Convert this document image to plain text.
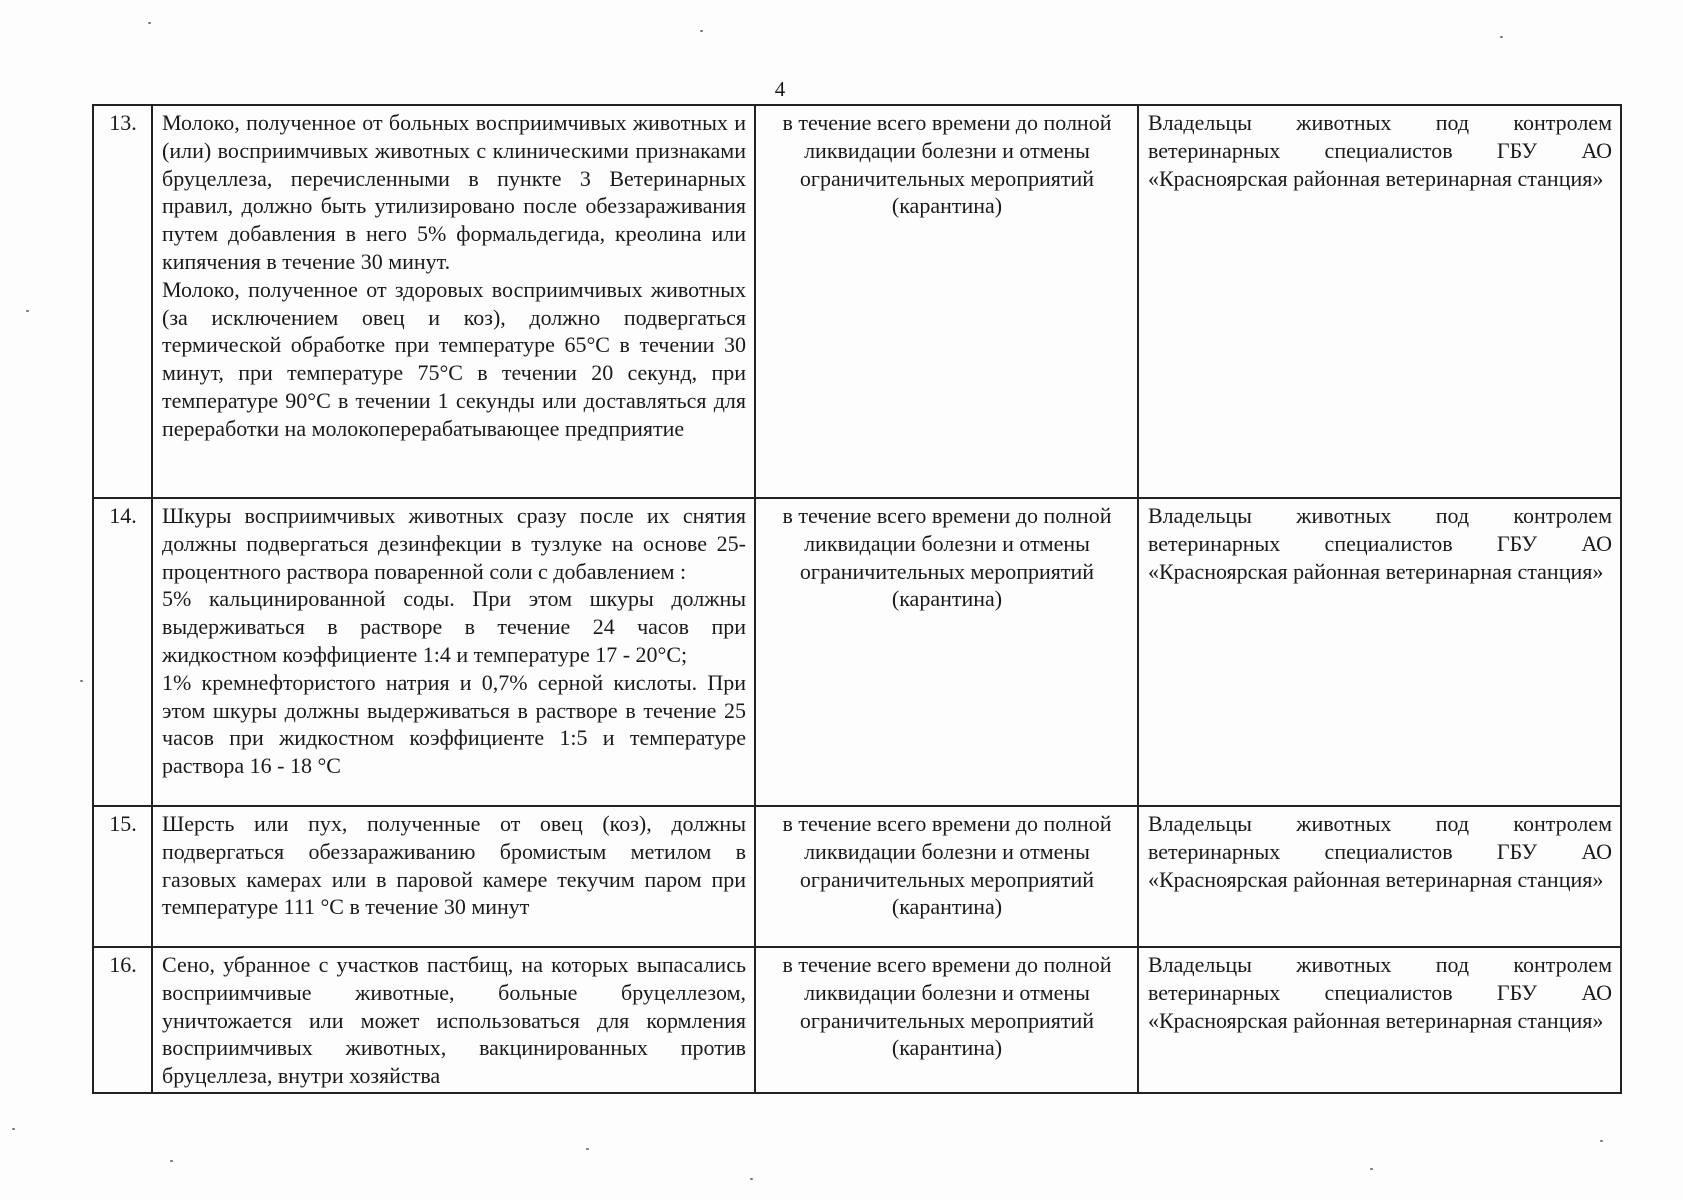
4
13.	Молоко, полученное от больных восприимчивых животных и (или) восприимчивых животных с клиническими признаками бруцеллеза, перечисленными в пункте 3 Ветеринарных правил, должно быть утилизировано после обеззараживания путем добавления в него 5% формальдегида, креолина или кипячения в течение 30 минут.
Молоко, полученное от здоровых восприимчивых животных (за исключением овец и коз), должно подвергаться термической обработке при температуре 65°С в течении 30 минут, при температуре 75°С в течении 20 секунд, при температуре 90°С в течении 1 секунды или доставляться для переработки на молокоперерабатывающее предприятие	в течение всего времени до полной ликвидации болезни и отмены ограничительных мероприятий (карантина)	Владельцы животных под контролем ветеринарных специалистов ГБУ АО «Красноярская районная ветеринарная станция»
14.	Шкуры восприимчивых животных сразу после их снятия должны подвергаться дезинфекции в тузлуке на основе 25-процентного раствора поваренной соли с добавлением :
5% кальцинированной соды. При этом шкуры должны выдерживаться в растворе в течение 24 часов при жидкостном коэффициенте 1:4 и температуре 17 - 20°С;
1% кремнефтористого натрия и 0,7% серной кислоты. При этом шкуры должны выдерживаться в растворе в течение 25 часов при жидкостном коэффициенте 1:5 и температуре раствора 16 - 18 °С	в течение всего времени до полной ликвидации болезни и отмены ограничительных мероприятий (карантина)	Владельцы животных под контролем ветеринарных специалистов ГБУ АО «Красноярская районная ветеринарная станция»
15.	Шерсть или пух, полученные от овец (коз), должны подвергаться обеззараживанию бромистым метилом в газовых камерах или в паровой камере текучим паром при температуре 111 °С в течение 30 минут	в течение всего времени до полной ликвидации болезни и отмены ограничительных мероприятий (карантина)	Владельцы животных под контролем ветеринарных специалистов ГБУ АО «Красноярская районная ветеринарная станция»
16.	Сено, убранное с участков пастбищ, на которых выпасались восприимчивые животные, больные бруцеллезом, уничтожается или может использоваться для кормления восприимчивых животных, вакцинированных против бруцеллеза, внутри хозяйства	в течение всего времени до полной ликвидации болезни и отмены ограничительных мероприятий (карантина)	Владельцы животных под контролем ветеринарных специалистов ГБУ АО «Красноярская районная ветеринарная станция»
